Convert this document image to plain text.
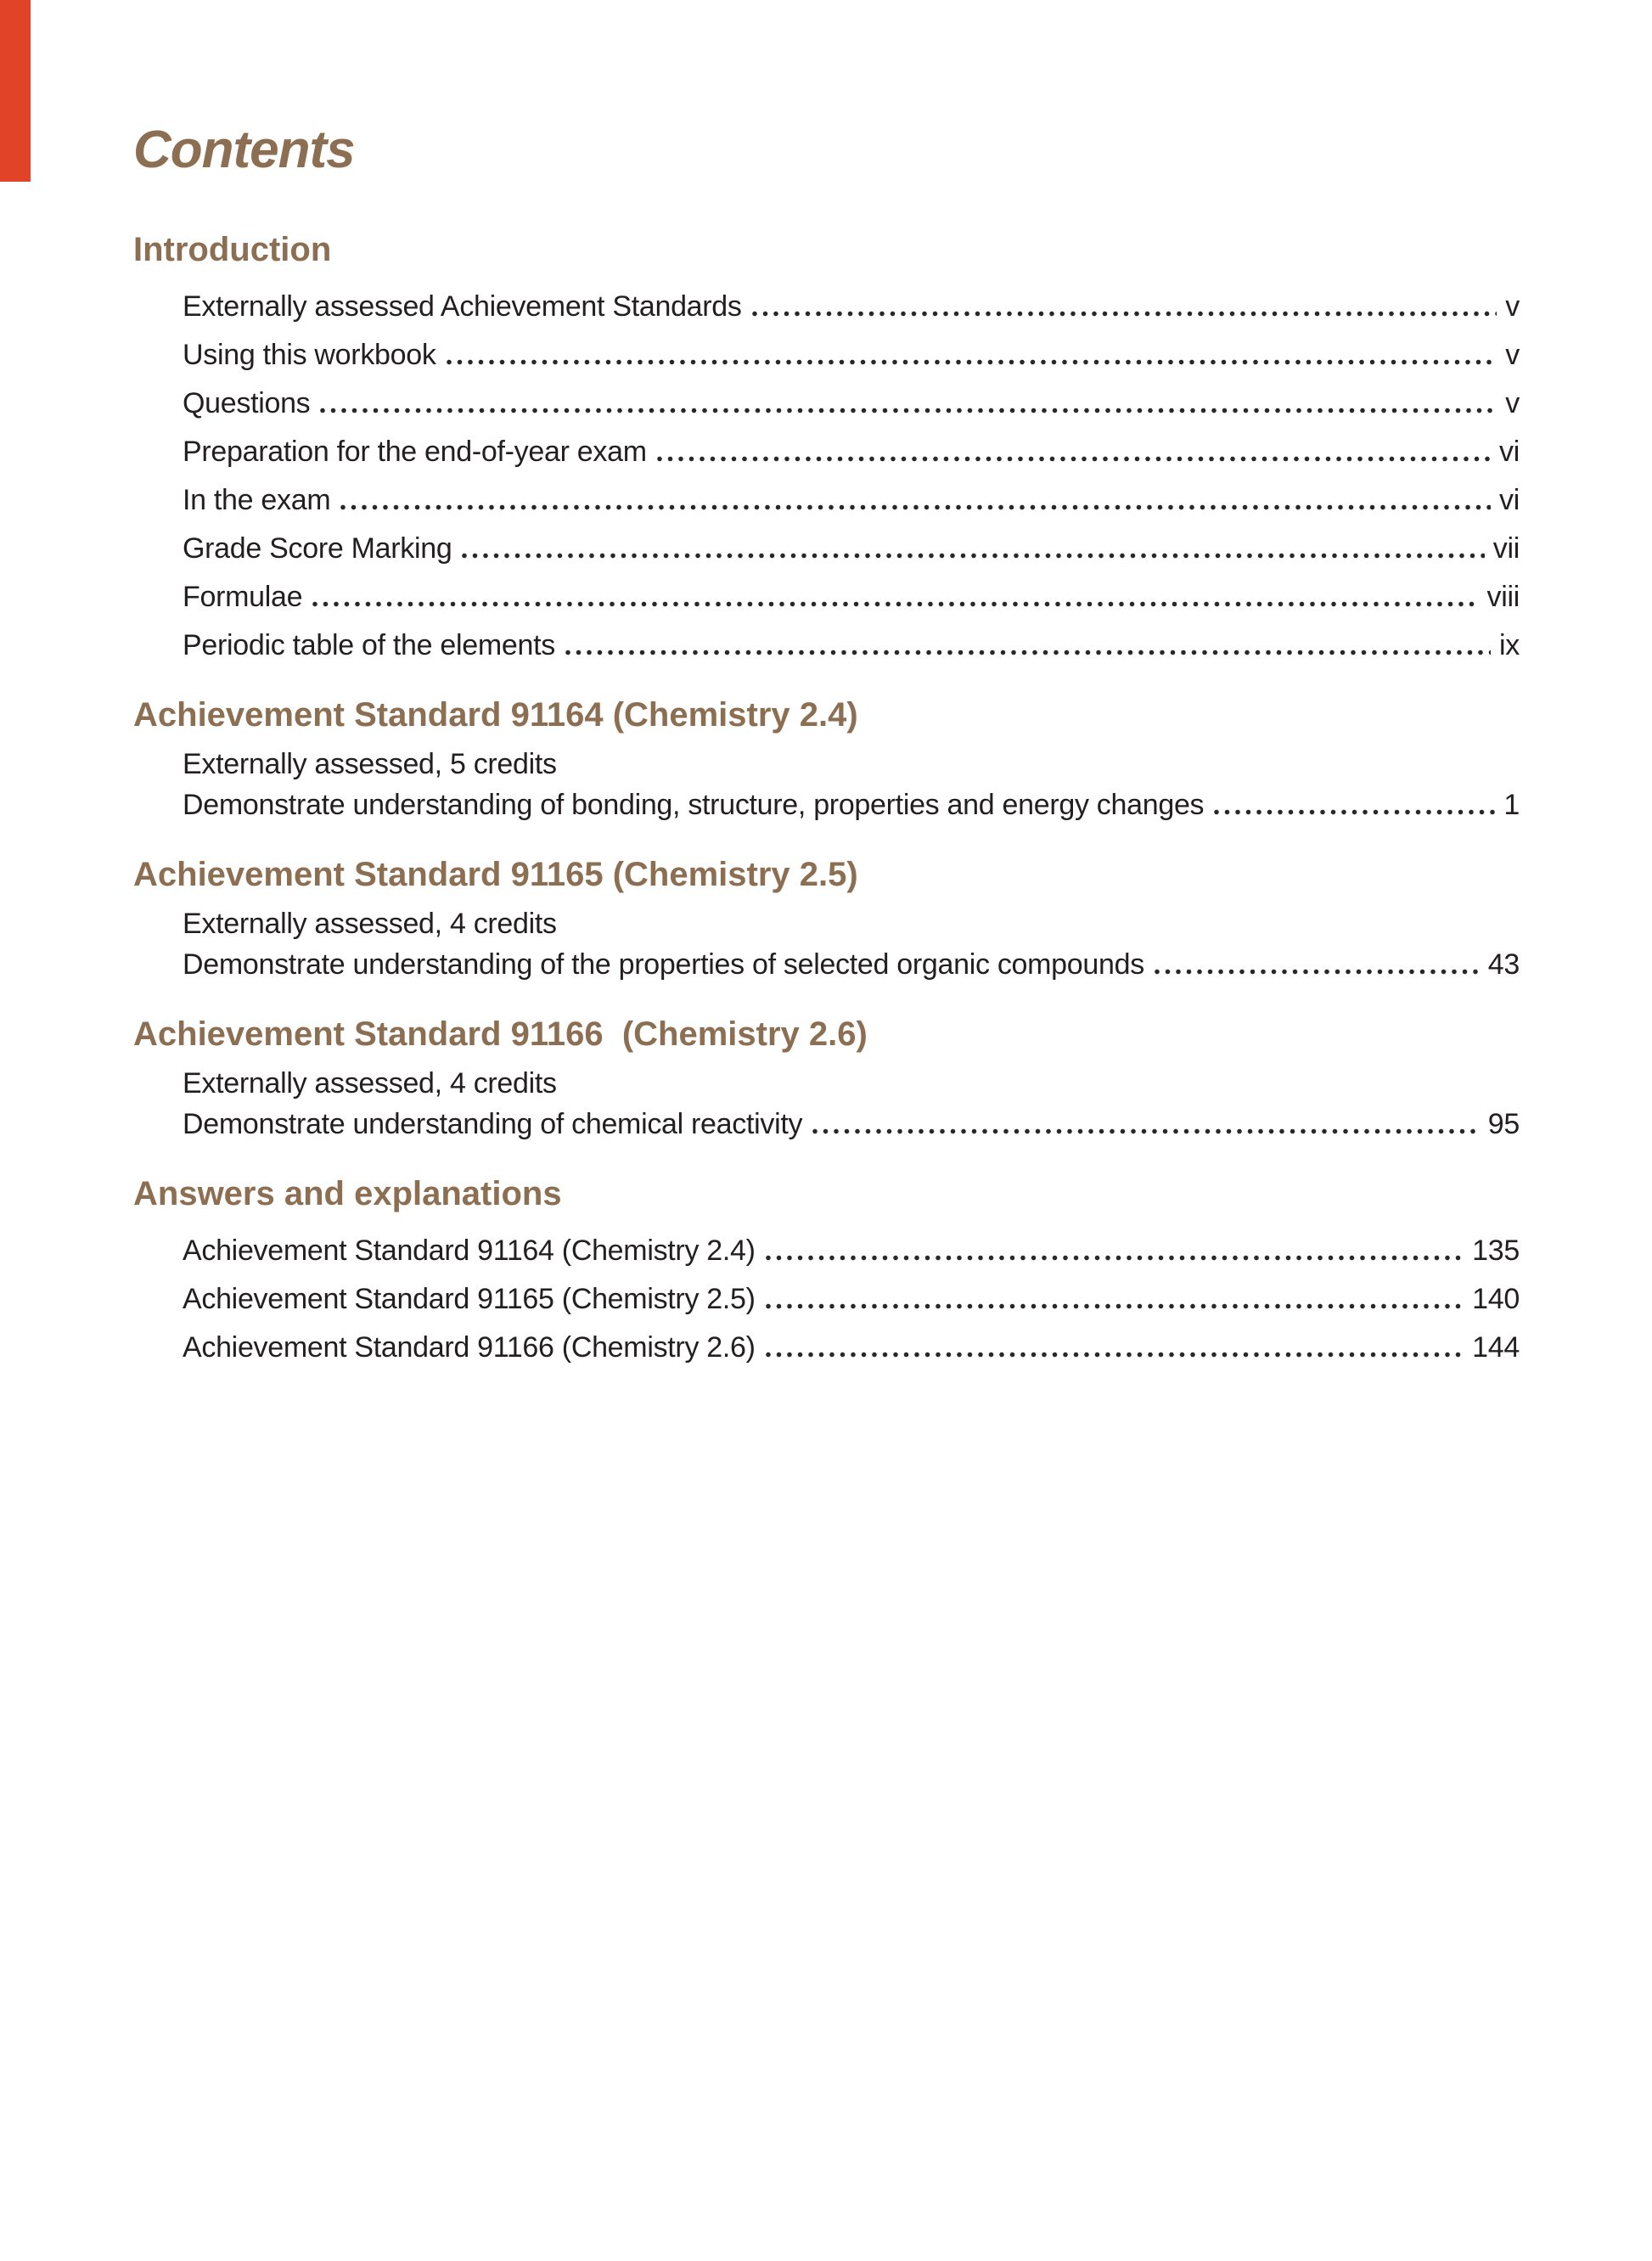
Contents
Introduction
Externally assessed Achievement Standards	v
Using this workbook	v
Questions	v
Preparation for the end-of-year exam	vi
In the exam	vi
Grade Score Marking	vii
Formulae	viii
Periodic table of the elements	ix
Achievement Standard 91164 (Chemistry 2.4)
Externally assessed, 5 credits
Demonstrate understanding of bonding, structure, properties and energy changes	1
Achievement Standard 91165 (Chemistry 2.5)
Externally assessed, 4 credits
Demonstrate understanding of the properties of selected organic compounds	43
Achievement Standard 91166  (Chemistry 2.6)
Externally assessed, 4 credits
Demonstrate understanding of chemical reactivity	95
Answers and explanations
Achievement Standard 91164 (Chemistry 2.4)	135
Achievement Standard 91165 (Chemistry 2.5)	140
Achievement Standard 91166 (Chemistry 2.6)	144
